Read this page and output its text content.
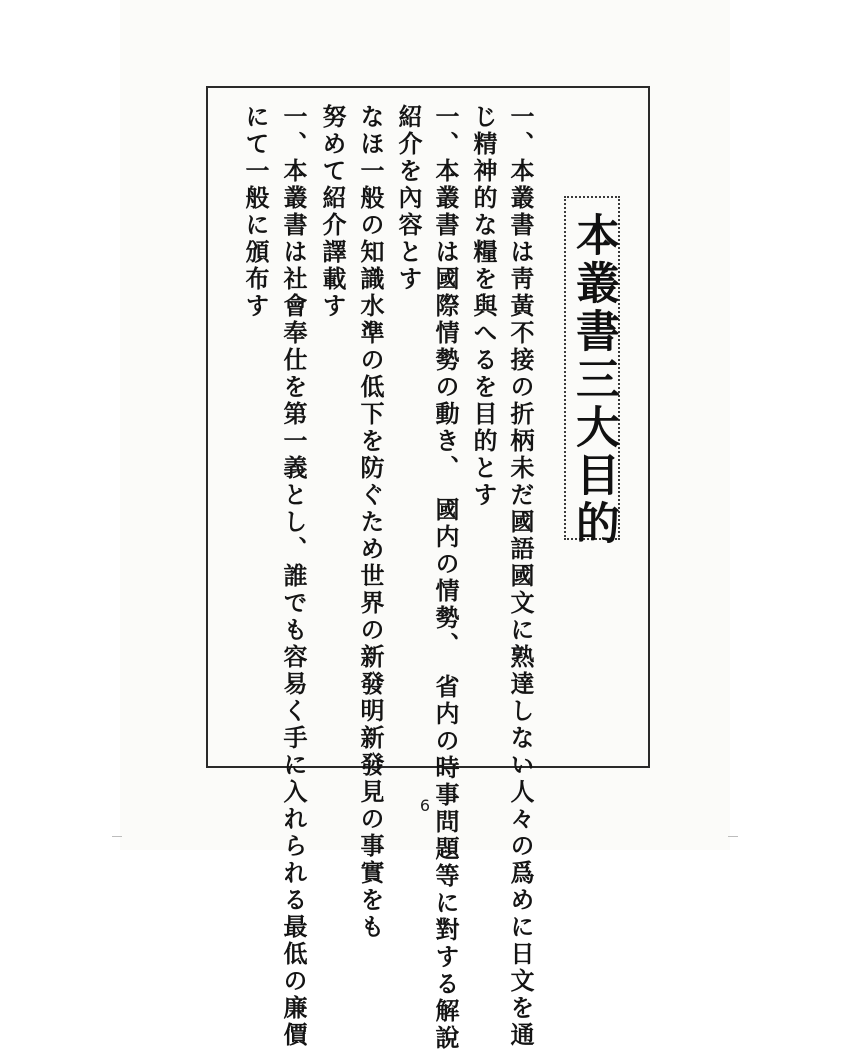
本叢書三大目的
一、本叢書は靑黃不接の折柄未だ國語國文に熟達しない人々の爲めに日文を通
じ精神的な糧を與へるを目的とす
一、本叢書は國際情勢の動き、　國内の情勢、　省内の時事問題等に對する解說
紹介を內容とす
なほ一般の知識水準の低下を防ぐため世界の新發明新發見の事實をも
努めて紹介譯載す
一、本叢書は社會奉仕を第一義とし、誰でも容易く手に入れられる最低の廉價
にて一般に頒布す
6
